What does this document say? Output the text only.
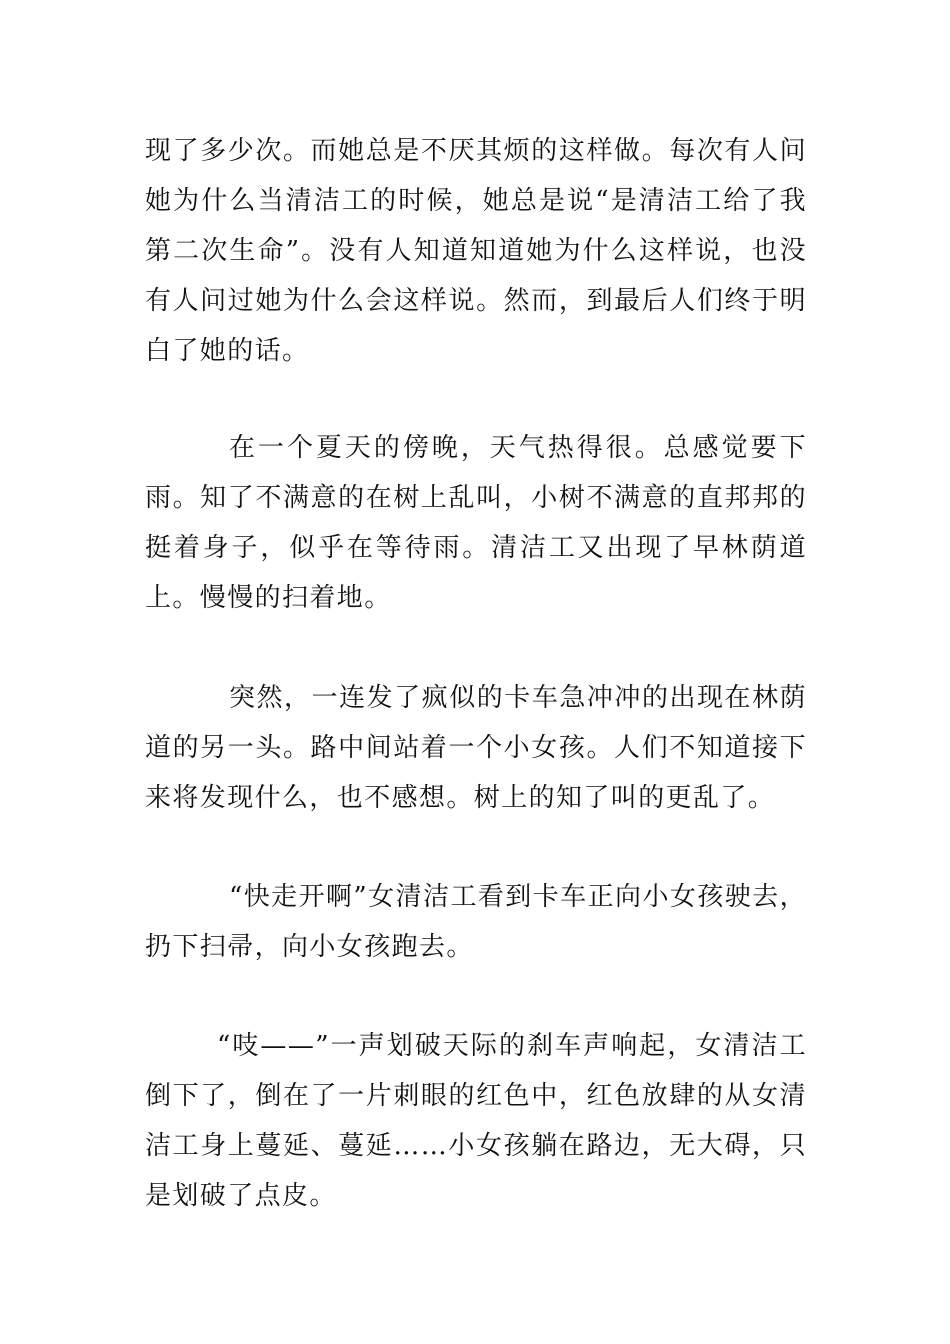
现了多少次。而她总是不厌其烦的这样做。每次有人问她为什么当清洁工的时候，她总是说“是清洁工给了我第二次生命”。没有人知道知道她为什么这样说，也没有人问过她为什么会这样说。然而，到最后人们终于明白了她的话。

在一个夏天的傍晚，天气热得很。总感觉要下雨。知了不满意的在树上乱叫，小树不满意的直邦邦的挺着身子，似乎在等待雨。清洁工又出现了早林荫道上。慢慢的扫着地。

突然，一连发了疯似的卡车急冲冲的出现在林荫道的另一头。路中间站着一个小女孩。人们不知道接下来将发现什么，也不感想。树上的知了叫的更乱了。

“快走开啊”女清洁工看到卡车正向小女孩驶去，扔下扫帚，向小女孩跑去。

“吱——”一声划破天际的刹车声响起，女清洁工倒下了，倒在了一片刺眼的红色中，红色放肆的从女清洁工身上蔓延、蔓延……小女孩躺在路边，无大碍，只是划破了点皮。
